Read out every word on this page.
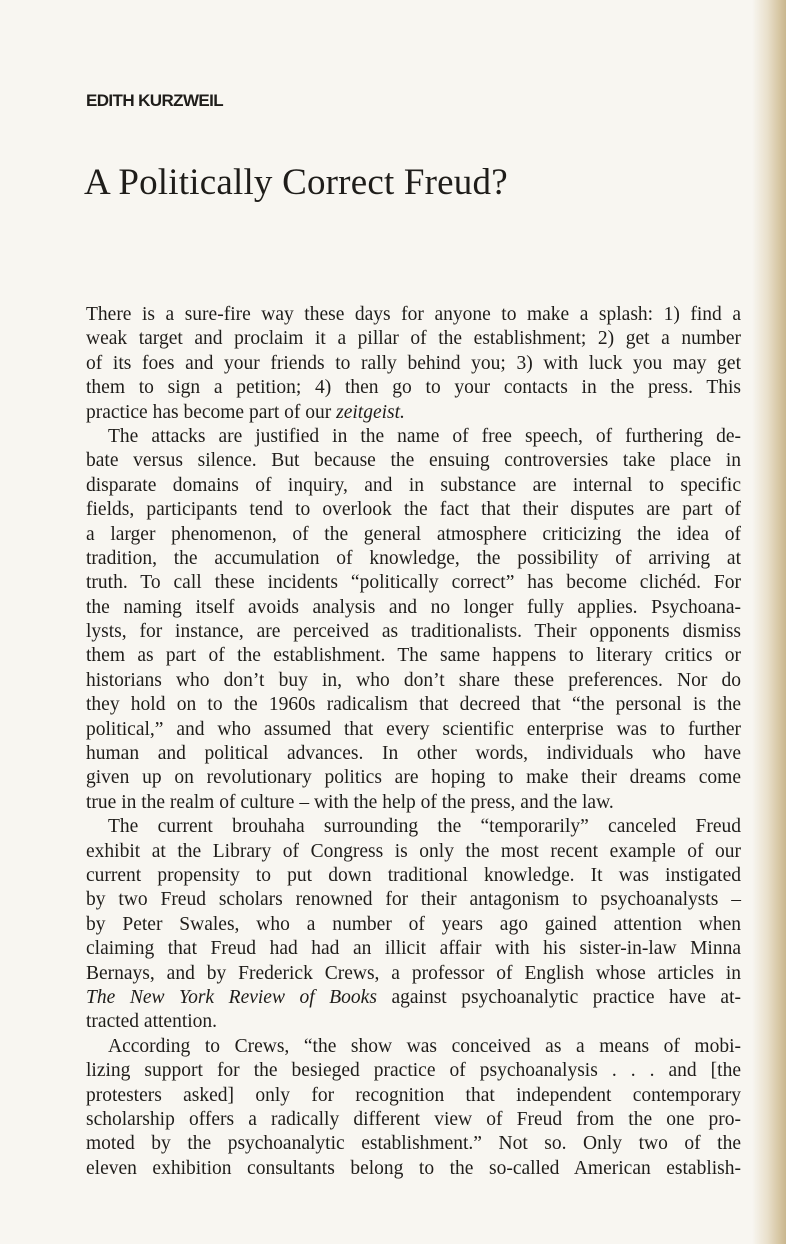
EDITH KURZWEIL
A Politically Correct Freud?

There is a sure-fire way these days for anyone to make a splash: 1) find a
weak target and proclaim it a pillar of the establishment; 2) get a number
of its foes and your friends to rally behind you; 3) with luck you may get
them to sign a petition; 4) then go to your contacts in the press. This
practice has become part of our zeitgeist.

The attacks are justified in the name of free speech, of furthering de-
bate versus silence. But because the ensuing controversies take place in
disparate domains of inquiry, and in substance are internal to specific
fields, participants tend to overlook the fact that their disputes are part of
a larger phenomenon, of the general atmosphere criticizing the idea of
tradition, the accumulation of knowledge, the possibility of arriving at
truth. To call these incidents “politically correct” has become clichéd. For
the naming itself avoids analysis and no longer fully applies. Psychoana-
lysts, for instance, are perceived as traditionalists. Their opponents dismiss
them as part of the establishment. The same happens to literary critics or
historians who don’t buy in, who don’t share these preferences. Nor do
they hold on to the 1960s radicalism that decreed that “the personal is the
political,” and who assumed that every scientific enterprise was to further
human and political advances. In other words, individuals who have
given up on revolutionary politics are hoping to make their dreams come
true in the realm of culture – with the help of the press, and the law.

The current brouhaha surrounding the “temporarily” canceled Freud
exhibit at the Library of Congress is only the most recent example of our
current propensity to put down traditional knowledge. It was instigated
by two Freud scholars renowned for their antagonism to psychoanalysts –
by Peter Swales, who a number of years ago gained attention when
claiming that Freud had had an illicit affair with his sister-in-law Minna
Bernays, and by Frederick Crews, a professor of English whose articles in
The New York Review of Books against psychoanalytic practice have at-
tracted attention.

According to Crews, “the show was conceived as a means of mobi-
lizing support for the besieged practice of psychoanalysis . . . and [the
protesters asked] only for recognition that independent contemporary
scholarship offers a radically different view of Freud from the one pro-
moted by the psychoanalytic establishment.” Not so. Only two of the
eleven exhibition consultants belong to the so-called American establish-
